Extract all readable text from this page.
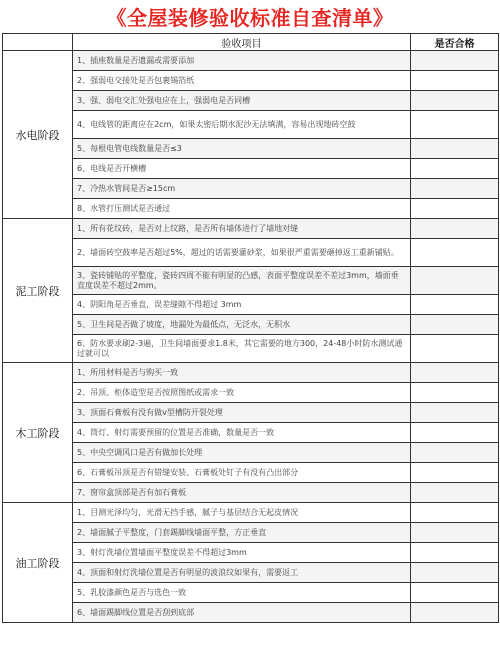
《全屋装修验收标准自查清单》
	验收项目	是否合格
水电阶段	1、插座数量是否遗漏或需要添加	
	2、强弱电交接处是否包裹锡箔纸	
	3、强、弱电交汇处强电应在上，强弱电是否同槽	
	4、电线管的距离应在2cm，如果太密后期水泥沙无法填满，容易出现地砖空鼓	
	5、每根电管电线数量是否≤3	
	6、电线是否开横槽	
	7、冷热水管间是否≥15cm	
	8、水管打压测试是否通过	
泥工阶段	1、所有花纹砖，是否对上纹路，是否所有墙体进行了墙地对缝	
	2、墙面砖空鼓率是否超过5%，超过的话需要灌砂浆，如果很严重需要砸掉返工重新铺贴。	
	3、瓷砖铺贴的平整度，瓷砖四周不能有明显的凸感，表面平整度误差不差过3mm，墙面垂直度误差不超过2mm。	
	4、阴阳角是否垂直，误差缝隙不得超过 3mm	
	5、卫生间是否做了坡度，地漏处为最低点，无泛水，无积水	
	6、防水要求刷2-3遍，卫生间墙面要求1.8米，其它需要的地方300，24-48小时防水测试通过就可以	
木工阶段	1、所用材料是否与购买一致	
	2、吊顶、柜体造型是否按照图纸或需求一致	
	3、顶面石膏板有没有做v型槽防开裂处理	
	4、筒灯、射灯需要预留的位置是否准确，数量是否一致	
	5、中央空调风口是否有做加长处理	
	6、石膏板吊顶是否有错缝安装、石膏板处钉子有没有凸出部分	
	7、窗帘盒顶部是否有加石膏板	
油工阶段	1、目测光泽均匀，光滑无挡手感，腻子与基层结合无起皮情况	
	2、墙面腻子平整度，门套踢脚线墙面平整，方正垂直	
	3、射灯洗墙位置墙面平整度误差不得超过3mm	
	4、顶面和射灯洗墙位置是否有明显的波浪纹如果有，需要返工	
	5、乳胶漆颜色是否与选色一致	
	6、墙面踢脚线位置是否刮到底部	
